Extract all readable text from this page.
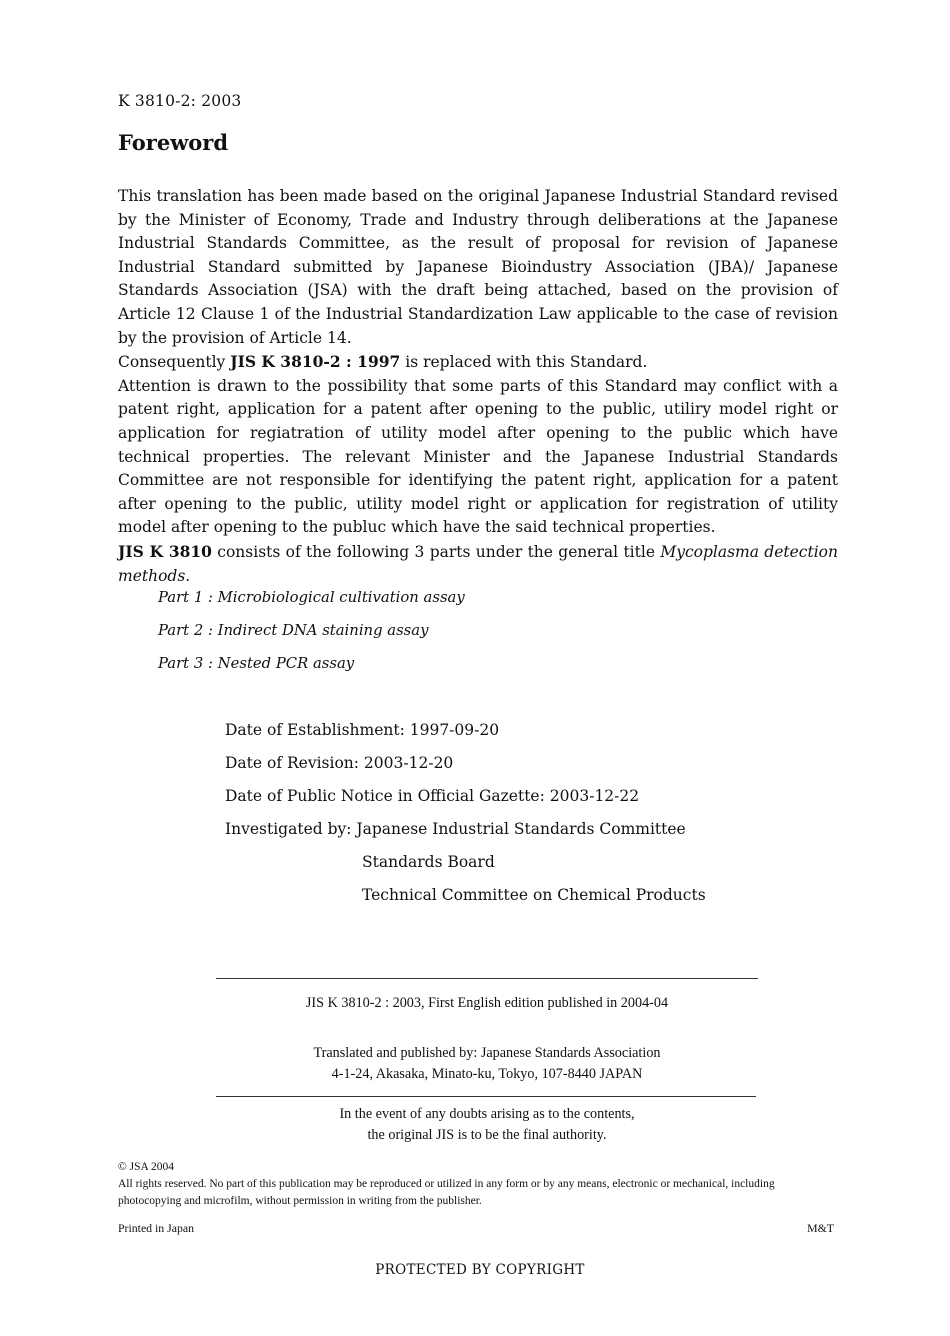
K 3810-2: 2003
Foreword

This translation has been made based on the original Japanese Industrial Standard revised by the Minister of Economy, Trade and Industry through deliberations at the Japanese Industrial Standards Committee, as the result of proposal for revision of Japanese Industrial Standard submitted by Japanese Bioindustry Association (JBA)/ Japanese Standards Association (JSA) with the draft being attached, based on the provision of Article 12 Clause 1 of the Industrial Standardization Law applicable to the case of revision by the provision of Article 14.

Consequently JIS K 3810-2 : 1997 is replaced with this Standard.

Attention is drawn to the possibility that some parts of this Standard may conflict with a patent right, application for a patent after opening to the public, utiliry model right or application for regiatration of utility model after opening to the public which have technical properties. The relevant Minister and the Japanese Industrial Standards Committee are not responsible for identifying the patent right, application for a patent after opening to the public, utility model right or application for registration of utility model after opening to the publuc which have the said technical properties.

JIS K 3810 consists of the following 3 parts under the general title Mycoplasma detection methods.

Part 1 : Microbiological cultivation assay
Part 2 : Indirect DNA staining assay
Part 3 : Nested PCR assay
Date of Establishment: 1997-09-20
Date of Revision: 2003-12-20
Date of Public Notice in Official Gazette: 2003-12-22
Investigated by: Japanese Industrial Standards Committee
Standards Board
Technical Committee on Chemical Products
JIS K 3810-2 : 2003, First English edition published in 2004-04
Translated and published by: Japanese Standards Association
4-1-24, Akasaka, Minato-ku, Tokyo, 107-8440 JAPAN
In the event of any doubts arising as to the contents,
the original JIS is to be the final authority.
© JSA 2004
All rights reserved. No part of this publication may be reproduced or utilized in any form or by any means, electronic or mechanical, including photocopying and microfilm, without permission in writing from the publisher.
Printed in Japan	M&T
PROTECTED BY COPYRIGHT
